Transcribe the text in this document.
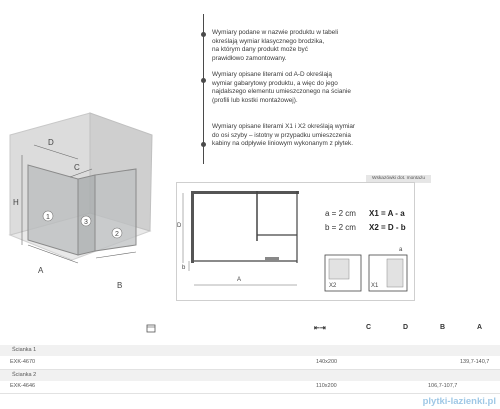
D
C
H
A
B
1
3
2
Wymiary podane w nazwie produktu w tabeli
określają wymiar klasycznego brodzika,
na którym dany produkt może być
prawidłowo zamontowany.
Wymiary opisane literami od A-D określają
wymiar gabarytowy produktu, a więc do jego
najdalszego elementu umieszczonego na ścianie
(profili lub kostki montażowej).
Wymiary opisane literami X1 i X2 określają wymiar
do osi szyby – istotny w przypadku umieszczenia
kabiny na odpływie liniowym wykonanym z płytek.
Wskazówki dot. montażu
D
A
b
X2	X1
a
a = 2 cm
b = 2 cm
X1 = A - a
X2 = D - b
⇤⇥	C	D	B	A
Ścianka 1
EXK-4670	140x200	139,7-140,7
Ścianka 2
EXK-4646	110x200	106,7-107,7
plytki-lazienki.pl
